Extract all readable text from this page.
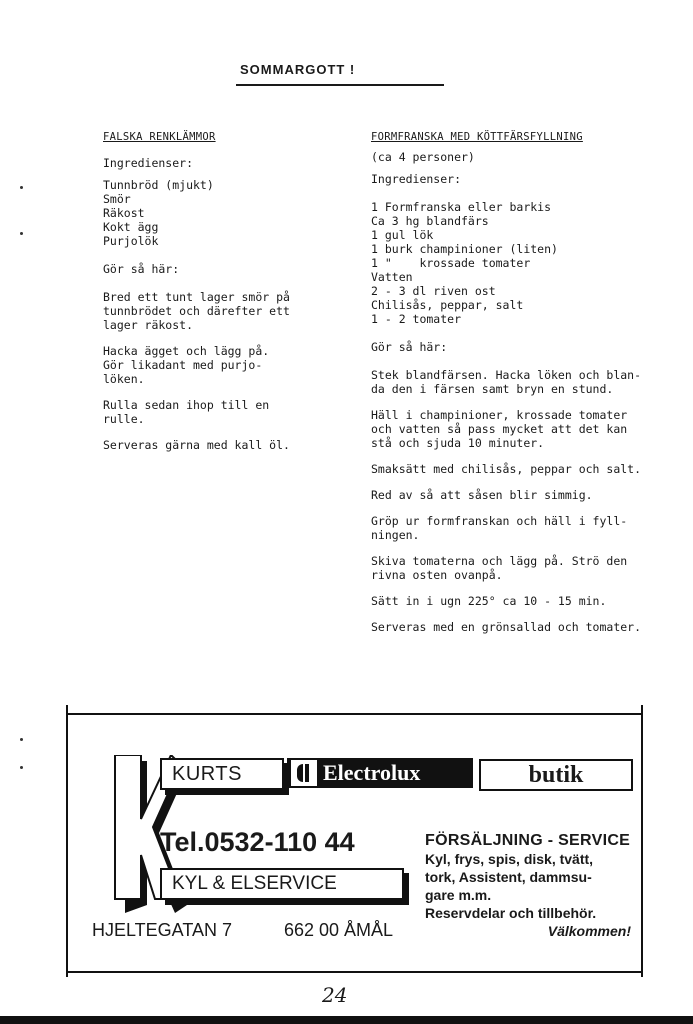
SOMMARGOTT !
FALSKA RENKLÄMMOR
Ingredienser:
Tunnbröd (mjukt)
Smör
Räkost
Kokt ägg
Purjolök
Gör så här:
Bred ett tunt lager smör på
tunnbrödet och därefter ett
lager räkost.
Hacka ägget och lägg på.
Gör likadant med purjo-
löken.
Rulla sedan ihop till en
rulle.
Serveras gärna med kall öl.
FORMFRANSKA MED KÖTTFÄRSFYLLNING
(ca 4 personer)
Ingredienser:
1 Formfranska eller barkis
Ca 3 hg blandfärs
1 gul lök
1 burk champinioner (liten)
1 "    krossade tomater
Vatten
2 - 3 dl riven ost
Chilisås, peppar, salt
1 - 2 tomater
Gör så här:
Stek blandfärsen. Hacka löken och blan-
da den i färsen samt bryn en stund.
Häll i champinioner, krossade tomater
och vatten så pass mycket att det kan
stå och sjuda 10 minuter.
Smaksätt med chilisås, peppar och salt.
Red av så att såsen blir simmig.
Gröp ur formfranskan och häll i fyll-
ningen.
Skiva tomaterna och lägg på. Strö den
rivna osten ovanpå.
Sätt in i ugn 225° ca 10 - 15 min.
Serveras med en grönsallad och tomater.
KURTS	Electrolux	butik
Tel.0532-110 44
KYL & ELSERVICE
FÖRSÄLJNING - SERVICE
Kyl, frys, spis, disk, tvätt,
tork, Assistent, dammsu-
gare m.m.
Reservdelar och tillbehör.
Välkommen!
HJELTEGATAN 7	662 00 ÅMÅL
24
